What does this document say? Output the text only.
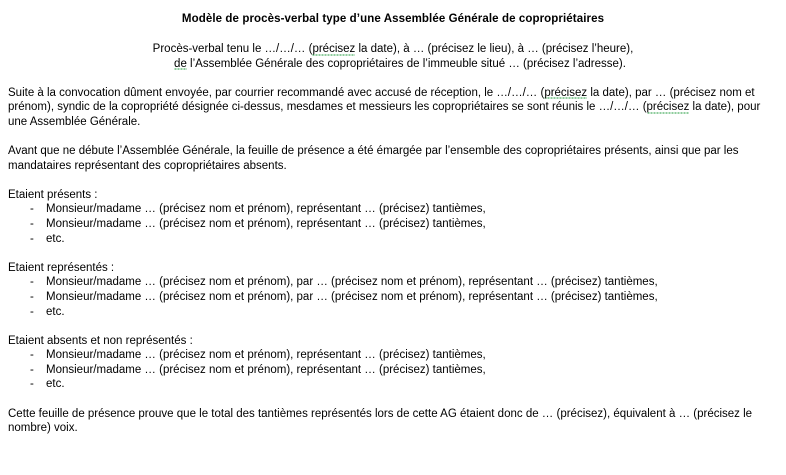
Modèle de procès-verbal type d’une Assemblée Générale de copropriétaires
Procès-verbal tenu le …/…/… (précisez la date), à … (précisez le lieu), à … (précisez l’heure),
de l’Assemblée Générale des copropriétaires de l’immeuble situé … (précisez l’adresse).

Suite à la convocation dûment envoyée, par courrier recommandé avec accusé de réception, le …/…/… (précisez la date), par … (précisez nom et prénom), syndic de la copropriété désignée ci-dessus, mesdames et messieurs les copropriétaires se sont réunis le …/…/… (précisez la date), pour une Assemblée Générale.

Avant que ne débute l’Assemblée Générale, la feuille de présence a été émargée par l’ensemble des copropriétaires présents, ainsi que par les mandataires représentant des copropriétaires absents.

Etaient présents :

- Monsieur/madame … (précisez nom et prénom), représentant … (précisez) tantièmes,
- Monsieur/madame … (précisez nom et prénom), représentant … (précisez) tantièmes,
- etc.

Etaient représentés :

- Monsieur/madame … (précisez nom et prénom), par … (précisez nom et prénom), représentant … (précisez) tantièmes,
- Monsieur/madame … (précisez nom et prénom), par … (précisez nom et prénom), représentant … (précisez) tantièmes,
- etc.

Etaient absents et non représentés :

- Monsieur/madame … (précisez nom et prénom), représentant … (précisez) tantièmes,
- Monsieur/madame … (précisez nom et prénom), représentant … (précisez) tantièmes,
- etc.

Cette feuille de présence prouve que le total des tantièmes représentés lors de cette AG étaient donc de … (précisez), équivalent à … (précisez le nombre) voix.
